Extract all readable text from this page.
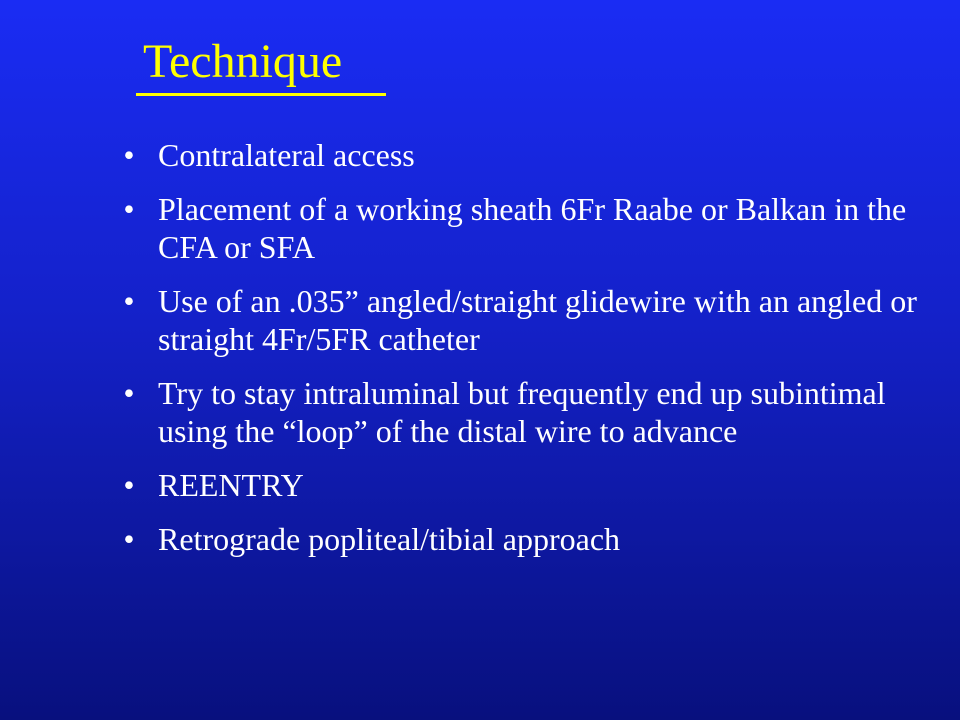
Technique
• Contralateral access
• Placement of a working sheath 6Fr Raabe or Balkan in the CFA or SFA
• Use of an .035” angled/straight glidewire with an angled or straight 4Fr/5FR catheter
• Try to stay intraluminal but frequently end up subintimal using the “loop” of the distal wire to advance
• REENTRY
• Retrograde popliteal/tibial approach
